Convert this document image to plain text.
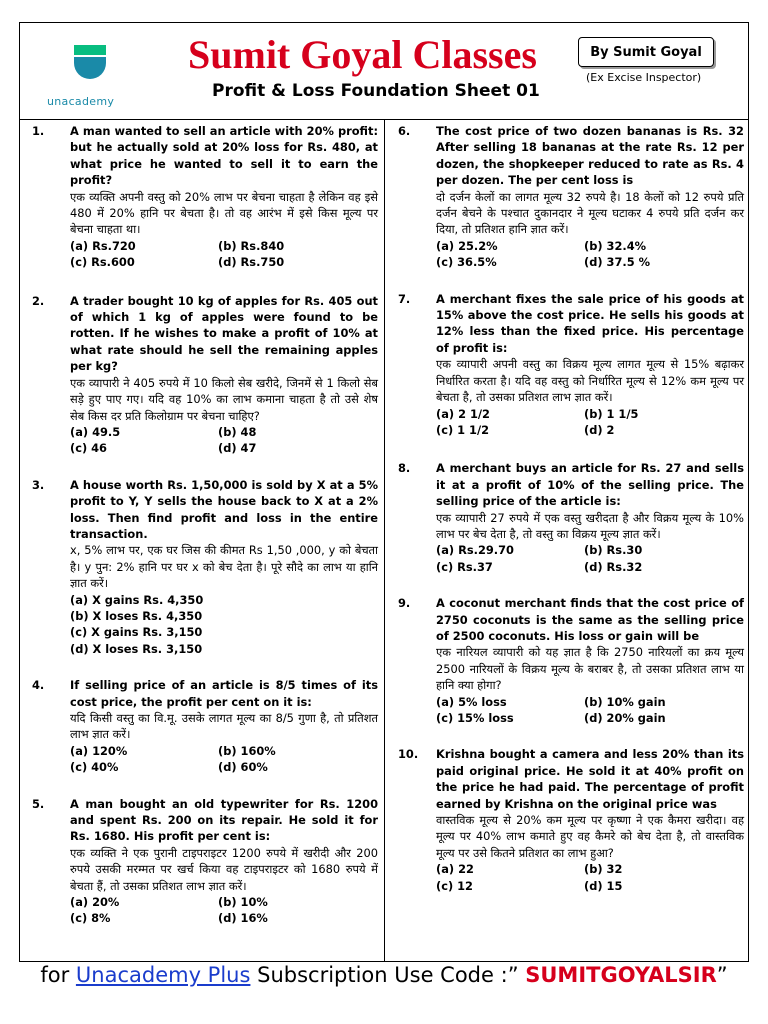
unacademy
Sumit Goyal Classes
Profit & Loss Foundation Sheet 01
By Sumit Goyal
(Ex Excise Inspector)
1. A man wanted to sell an article with 20% profit: but he actually sold at 20% loss for Rs. 480, at what price he wanted to sell it to earn the profit?
एक व्यक्ति अपनी वस्तु को 20% लाभ पर बेचना चाहता है लेकिन वह इसे 480 में 20% हानि पर बेचता है। तो वह आरंभ में इसे किस मूल्य पर बेचना चाहता था।
(a) Rs.720	(b) Rs.840
(c) Rs.600	(d) Rs.750
2. A trader bought 10 kg of apples for Rs. 405 out of which 1 kg of apples were found to be rotten. If he wishes to make a profit of 10% at what rate should he sell the remaining apples per kg?
एक व्यापारी ने 405 रुपये में 10 किलो सेब खरीदे, जिनमें से 1 किलो सेब सड़े हुए पाए गए। यदि वह 10% का लाभ कमाना चाहता है तो उसे शेष सेब किस दर प्रति किलोग्राम पर बेचना चाहिए?
(a) 49.5	(b) 48
(c) 46	(d) 47
3. A house worth Rs. 1,50,000 is sold by X at a 5% profit to Y, Y sells the house back to X at a 2% loss. Then find profit and loss in the entire transaction.
x, 5% लाभ पर, एक घर जिस की कीमत Rs 1,50 ,000, y को बेचता है। y पुन: 2% हानि पर घर x को बेच देता है। पूरे सौदे का लाभ या हानि ज्ञात करें।
(a) X gains Rs. 4,350
(b) X loses Rs. 4,350
(c) X gains Rs. 3,150
(d) X loses Rs. 3,150
4. If selling price of an article is 8/5 times of its cost price, the profit per cent on it is:
यदि किसी वस्तु का वि.मू. उसके लागत मूल्य का 8/5 गुणा है, तो प्रतिशत लाभ ज्ञात करें।
(a) 120%	(b) 160%
(c) 40%	(d) 60%
5. A man bought an old typewriter for Rs. 1200 and spent Rs. 200 on its repair. He sold it for Rs. 1680. His profit per cent is:
एक व्यक्ति ने एक पुरानी टाइपराइटर 1200 रुपये में खरीदी और 200 रुपये उसकी मरम्मत पर खर्च किया वह टाइपराइटर को 1680 रुपये में बेचता हैं, तो उसका प्रतिशत लाभ ज्ञात करें।
(a) 20%	(b) 10%
(c) 8%	(d) 16%
6. The cost price of two dozen bananas is Rs. 32 After selling 18 bananas at the rate Rs. 12 per dozen, the shopkeeper reduced to rate as Rs. 4 per dozen. The per cent loss is
दो दर्जन केलों का लागत मूल्य 32 रुपये है। 18 केलों को 12 रुपये प्रति दर्जन बेचने के पश्चात दुकानदार ने मूल्य घटाकर 4 रुपये प्रति दर्जन कर दिया, तो प्रतिशत हानि ज्ञात करें।
(a) 25.2%	(b) 32.4%
(c) 36.5%	(d) 37.5 %
7. A merchant fixes the sale price of his goods at 15% above the cost price. He sells his goods at 12% less than the fixed price. His percentage of profit is:
एक व्यापारी अपनी वस्तु का विक्रय मूल्य लागत मूल्य से 15% बढ़ाकर निर्धारित करता है। यदि वह वस्तु को निर्धारित मूल्य से 12% कम मूल्य पर बेचता है, तो उसका प्रतिशत लाभ ज्ञात करें।
(a) 2 1/2	(b) 1 1/5
(c) 1 1/2	(d) 2
8. A merchant buys an article for Rs. 27 and sells it at a profit of 10% of the selling price. The selling price of the article is:
एक व्यापारी 27 रुपये में एक वस्तु खरीदता है और विक्रय मूल्य के 10% लाभ पर बेच देता है, तो वस्तु का विक्रय मूल्य ज्ञात करें।
(a) Rs.29.70	(b) Rs.30
(c) Rs.37	(d) Rs.32
9. A coconut merchant finds that the cost price of 2750 coconuts is the same as the selling price of 2500 coconuts. His loss or gain will be
एक नारियल व्यापारी को यह ज्ञात है कि 2750 नारियलों का क्रय मूल्य 2500 नारियलों के विक्रय मूल्य के बराबर है, तो उसका प्रतिशत लाभ या हानि क्या होगा?
(a) 5% loss	(b) 10% gain
(c) 15% loss	(d) 20% gain
10. Krishna bought a camera and less 20% than its paid original price. He sold it at 40% profit on the price he had paid. The percentage of profit earned by Krishna on the original price was
वास्तविक मूल्य से 20% कम मूल्य पर कृष्णा ने एक कैमरा खरीदा। वह मूल्य पर 40% लाभ कमाते हुए वह कैमरे को बेच देता है, तो वास्तविक मूल्य पर उसे कितने प्रतिशत का लाभ हुआ?
(a) 22	(b) 32
(c) 12	(d) 15
for Unacademy Plus Subscription Use Code :” SUMITGOYALSIR”
